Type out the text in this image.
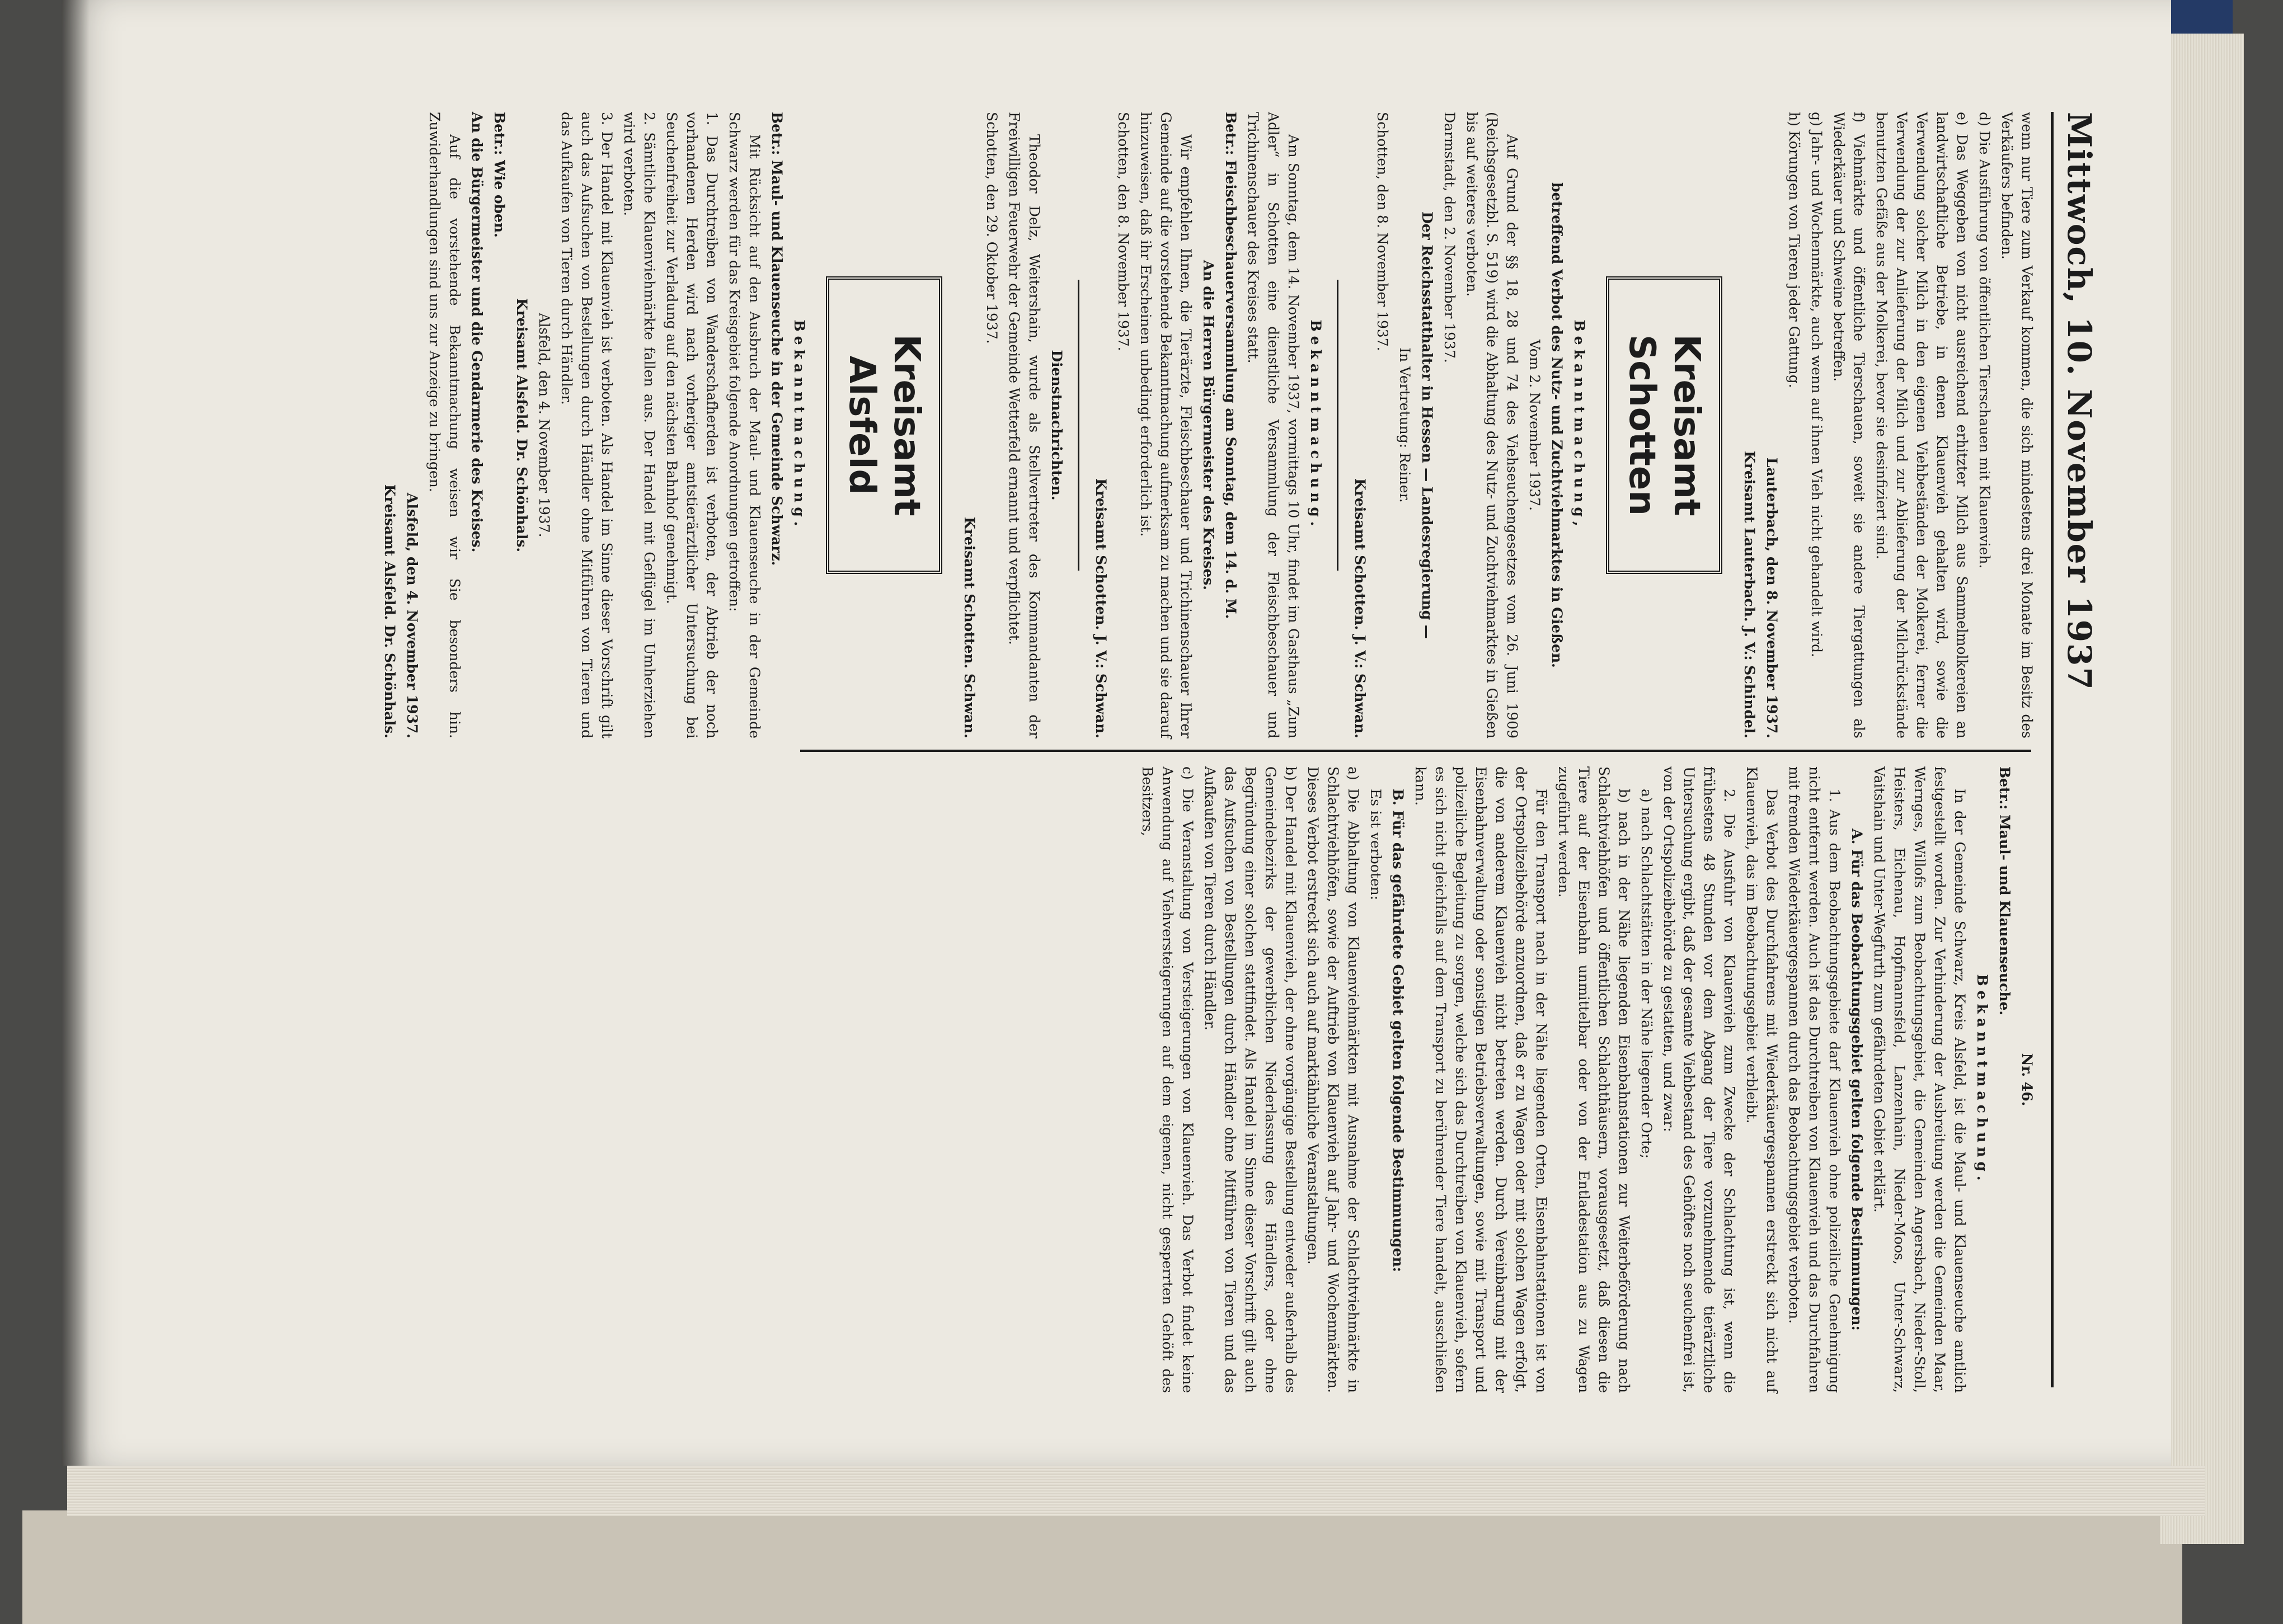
Mittwoch, 10. November 1937

wenn nur Tiere zum Verkauf kommen, die sich mindestens drei Monate im Besitz des Verkäufers befinden.

d) Die Ausführung von öffentlichen Tierschauen mit Klauenvieh.

e) Das Weggeben von nicht ausreichend erhitzter Milch aus Sammelmolkereien an landwirtschaftliche Betriebe, in denen Klauenvieh gehalten wird, sowie die Verwendung solcher Milch in den eigenen Viehbeständen der Molkerei, ferner die Verwendung der zur Anlieferung der Milch und zur Ablieferung der Milchrückstände benutzten Gefäße aus der Molkerei, bevor sie desinfiziert sind.

f) Viehmärkte und öffentliche Tierschauen, soweit sie andere Tiergattungen als Wiederkäuer und Schweine betreffen.

g) Jahr- und Wochenmärkte, auch wenn auf ihnen Vieh nicht gehandelt wird.

h) Körungen von Tieren jeder Gattung.

Lauterbach, den 8. November 1937.

Kreisamt Lauterbach. J. V.: Schindel.

Kreisamt Schotten

Bekanntmachung,

betreffend Verbot des Nutz- und Zuchtviehmarktes in Gießen.

Vom 2. November 1937.

Auf Grund der §§ 18, 28 und 74 des Viehseuchengesetzes vom 26. Juni 1909 (Reichsgesetzbl. S. 519) wird die Abhaltung des Nutz- und Zuchtviehmarktes in Gießen bis auf weiteres verboten.

Darmstadt, den 2. November 1937.

Der Reichsstatthalter in Hessen — Landesregierung —

In Vertretung: Reiner.

Schotten, den 8. November 1937.

Kreisamt Schotten. J. V.: Schwan.

Bekanntmachung.

Am Sonntag, dem 14. November 1937, vormittags 10 Uhr, findet im Gasthaus „Zum Adler“ in Schotten eine dienstliche Versammlung der Fleischbeschauer und Trichinenschauer des Kreises statt.

Betr.: Fleischbeschauerversammlung am Sonntag, dem 14. d. M.

An die Herren Bürgermeister des Kreises.

Wir empfehlen Ihnen, die Tierärzte, Fleischbeschauer und Trichinenschauer Ihrer Gemeinde auf die vorstehende Bekanntmachung aufmerksam zu machen und sie darauf hinzuweisen, daß ihr Erscheinen unbedingt erforderlich ist.

Schotten, den 8. November 1937.

Kreisamt Schotten. J. V.: Schwan.

Dienstnachrichten.

Theodor Delz, Weitershain, wurde als Stellvertreter des Kommandanten der Freiwilligen Feuerwehr der Gemeinde Wetterfeld ernannt und verpflichtet.

Schotten, den 29. Oktober 1937.

Kreisamt Schotten. Schwan.

Kreisamt Alsfeld

Bekanntmachung.

Betr.: Maul- und Klauenseuche in der Gemeinde Schwarz.

Mit Rücksicht auf den Ausbruch der Maul- und Klauenseuche in der Gemeinde Schwarz werden für das Kreisgebiet folgende Anordnungen getroffen:

1. Das Durchtreiben von Wanderschafherden ist verboten, der Abtrieb der noch vorhandenen Herden wird nach vorheriger amtstierärztlicher Untersuchung bei Seuchenfreiheit zur Verladung auf den nächsten Bahnhof genehmigt.

2. Sämtliche Klauenviehmärkte fallen aus. Der Handel mit Geflügel im Umherziehen wird verboten.

3. Der Handel mit Klauenvieh ist verboten. Als Handel im Sinne dieser Vorschrift gilt auch das Aufsuchen von Bestellungen durch Händler ohne Mitführen von Tieren und das Aufkaufen von Tieren durch Händler.

Alsfeld, den 4. November 1937.

Kreisamt Alsfeld. Dr. Schönhals.

Betr.: Wie oben.

An die Bürgermeister und die Gendarmerie des Kreises.

Auf die vorstehende Bekanntmachung weisen wir Sie besonders hin. Zuwiderhandlungen sind uns zur Anzeige zu bringen.

Alsfeld, den 4. November 1937.

Kreisamt Alsfeld. Dr. Schönhals.

Nr. 46.

Betr.: Maul- und Klauenseuche.

Bekanntmachung.

In der Gemeinde Schwarz, Kreis Alsfeld, ist die Maul- und Klauenseuche amtlich festgestellt worden. Zur Verhinderung der Ausbreitung werden die Gemeinden Maar, Wernges, Willofs zum Beobachtungsgebiet, die Gemeinden Angersbach, Nieder-Stoll, Heisters, Eichenau, Hopfmannsfeld, Lanzenhain, Nieder-Moos, Unter-Schwarz, Vaitshain und Unter-Wegfurth zum gefährdeten Gebiet erklärt.

A. Für das Beobachtungsgebiet gelten folgende Bestimmungen:

1. Aus dem Beobachtungsgebiete darf Klauenvieh ohne polizeiliche Genehmigung nicht entfernt werden. Auch ist das Durchtreiben von Klauenvieh und das Durchfahren mit fremden Wiederkäuergespannen durch das Beobachtungsgebiet verboten.

Das Verbot des Durchfahrens mit Wiederkäuergespannen erstreckt sich nicht auf Klauenvieh, das im Beobachtungsgebiet verbleibt.

2. Die Ausfuhr von Klauenvieh zum Zwecke der Schlachtung ist, wenn die frühestens 48 Stunden vor dem Abgang der Tiere vorzunehmende tierärztliche Untersuchung ergibt, daß der gesamte Viehbestand des Gehöftes noch seuchenfrei ist, von der Ortspolizeibehörde zu gestatten, und zwar:

a) nach Schlachtstätten in der Nähe liegender Orte;

b) nach in der Nähe liegenden Eisenbahnstationen zur Weiterbeförderung nach Schlachtviehhöfen und öffentlichen Schlachthäusern, vorausgesetzt, daß diesen die Tiere auf der Eisenbahn unmittelbar oder von der Entladestation aus zu Wagen zugeführt werden.

Für den Transport nach in der Nähe liegenden Orten, Eisenbahnstationen ist von der Ortspolizeibehörde anzuordnen, daß er zu Wagen oder mit solchen Wagen erfolgt, die von anderem Klauenvieh nicht betreten werden. Durch Vereinbarung mit der Eisenbahnverwaltung oder sonstigen Betriebsverwaltungen, sowie mit Transport und polizeiliche Begleitung zu sorgen, welche sich das Durchtreiben von Klauenvieh, sofern es sich nicht gleichfalls auf dem Transport zu berührender Tiere handelt, ausschließen kann.

B. Für das gefährdete Gebiet gelten folgende Bestimmungen:

Es ist verboten:

a) Die Abhaltung von Klauenviehmärkten mit Ausnahme der Schlachtviehmärkte in Schlachtviehhöfen, sowie der Auftrieb von Klauenvieh auf Jahr- und Wochenmärkten. Dieses Verbot erstreckt sich auch auf marktähnliche Veranstaltungen.

b) Der Handel mit Klauenvieh, der ohne vorgängige Bestellung entweder außerhalb des Gemeindebezirks der gewerblichen Niederlassung des Händlers, oder ohne Begründung einer solchen stattfindet. Als Handel im Sinne dieser Vorschrift gilt auch das Aufsuchen von Bestellungen durch Händler ohne Mitführen von Tieren und das Aufkaufen von Tieren durch Händler.

c) Die Veranstaltung von Versteigerungen von Klauenvieh. Das Verbot findet keine Anwendung auf Viehversteigerungen auf dem eigenen, nicht gesperrten Gehöft des Besitzers,
